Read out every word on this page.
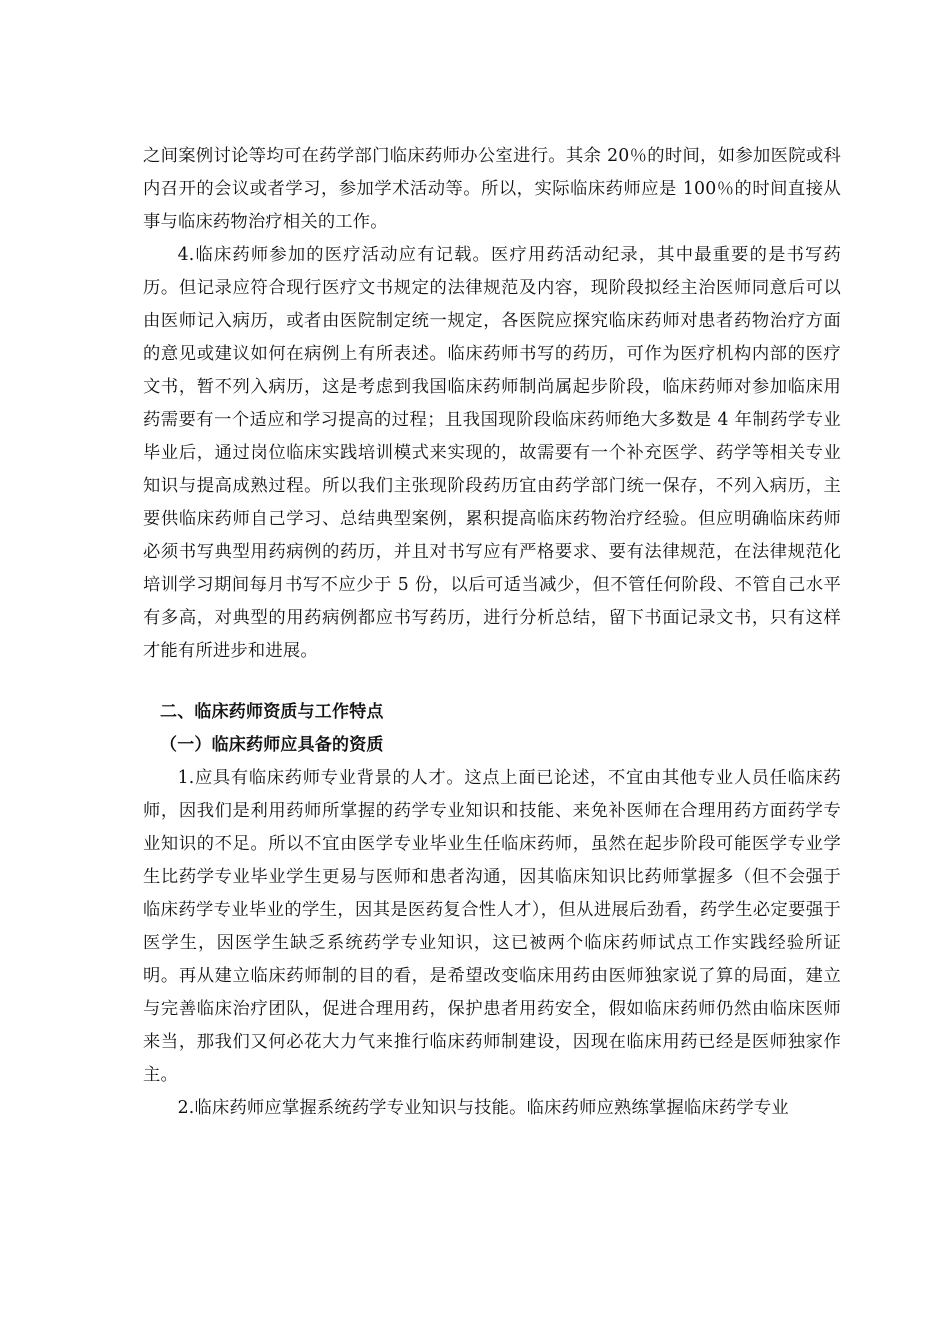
之间案例讨论等均可在药学部门临床药师办公室进行。其余 20％的时间，如参加医院或科内召开的会议或者学习，参加学术活动等。所以，实际临床药师应是 100％的时间直接从事与临床药物治疗相关的工作。

4.临床药师参加的医疗活动应有记载。医疗用药活动纪录，其中最重要的是书写药历。但记录应符合现行医疗文书规定的法律规范及内容，现阶段拟经主治医师同意后可以由医师记入病历，或者由医院制定统一规定，各医院应探究临床药师对患者药物治疗方面的意见或建议如何在病例上有所表述。临床药师书写的药历，可作为医疗机构内部的医疗文书，暂不列入病历，这是考虑到我国临床药师制尚属起步阶段，临床药师对参加临床用药需要有一个适应和学习提高的过程；且我国现阶段临床药师绝大多数是 4 年制药学专业毕业后，通过岗位临床实践培训模式来实现的，故需要有一个补充医学、药学等相关专业知识与提高成熟过程。所以我们主张现阶段药历宜由药学部门统一保存，不列入病历，主要供临床药师自己学习、总结典型案例，累积提高临床药物治疗经验。但应明确临床药师必须书写典型用药病例的药历，并且对书写应有严格要求、要有法律规范，在法律规范化培训学习期间每月书写不应少于 5 份，以后可适当减少，但不管任何阶段、不管自己水平有多高，对典型的用药病例都应书写药历，进行分析总结，留下书面记录文书，只有这样才能有所进步和进展。

二、临床药师资质与工作特点
（一）临床药师应具备的资质

1.应具有临床药师专业背景的人才。这点上面已论述，不宜由其他专业人员任临床药师，因我们是利用药师所掌握的药学专业知识和技能、来免补医师在合理用药方面药学专业知识的不足。所以不宜由医学专业毕业生任临床药师，虽然在起步阶段可能医学专业学生比药学专业毕业学生更易与医师和患者沟通，因其临床知识比药师掌握多（但不会强于临床药学专业毕业的学生，因其是医药复合性人才），但从进展后劲看，药学生必定要强于医学生，因医学生缺乏系统药学专业知识，这已被两个临床药师试点工作实践经验所证明。再从建立临床药师制的目的看，是希望改变临床用药由医师独家说了算的局面，建立与完善临床治疗团队，促进合理用药，保护患者用药安全，假如临床药师仍然由临床医师来当，那我们又何必花大力气来推行临床药师制建设，因现在临床用药已经是医师独家作主。

2.临床药师应掌握系统药学专业知识与技能。临床药师应熟练掌握临床药学专业
